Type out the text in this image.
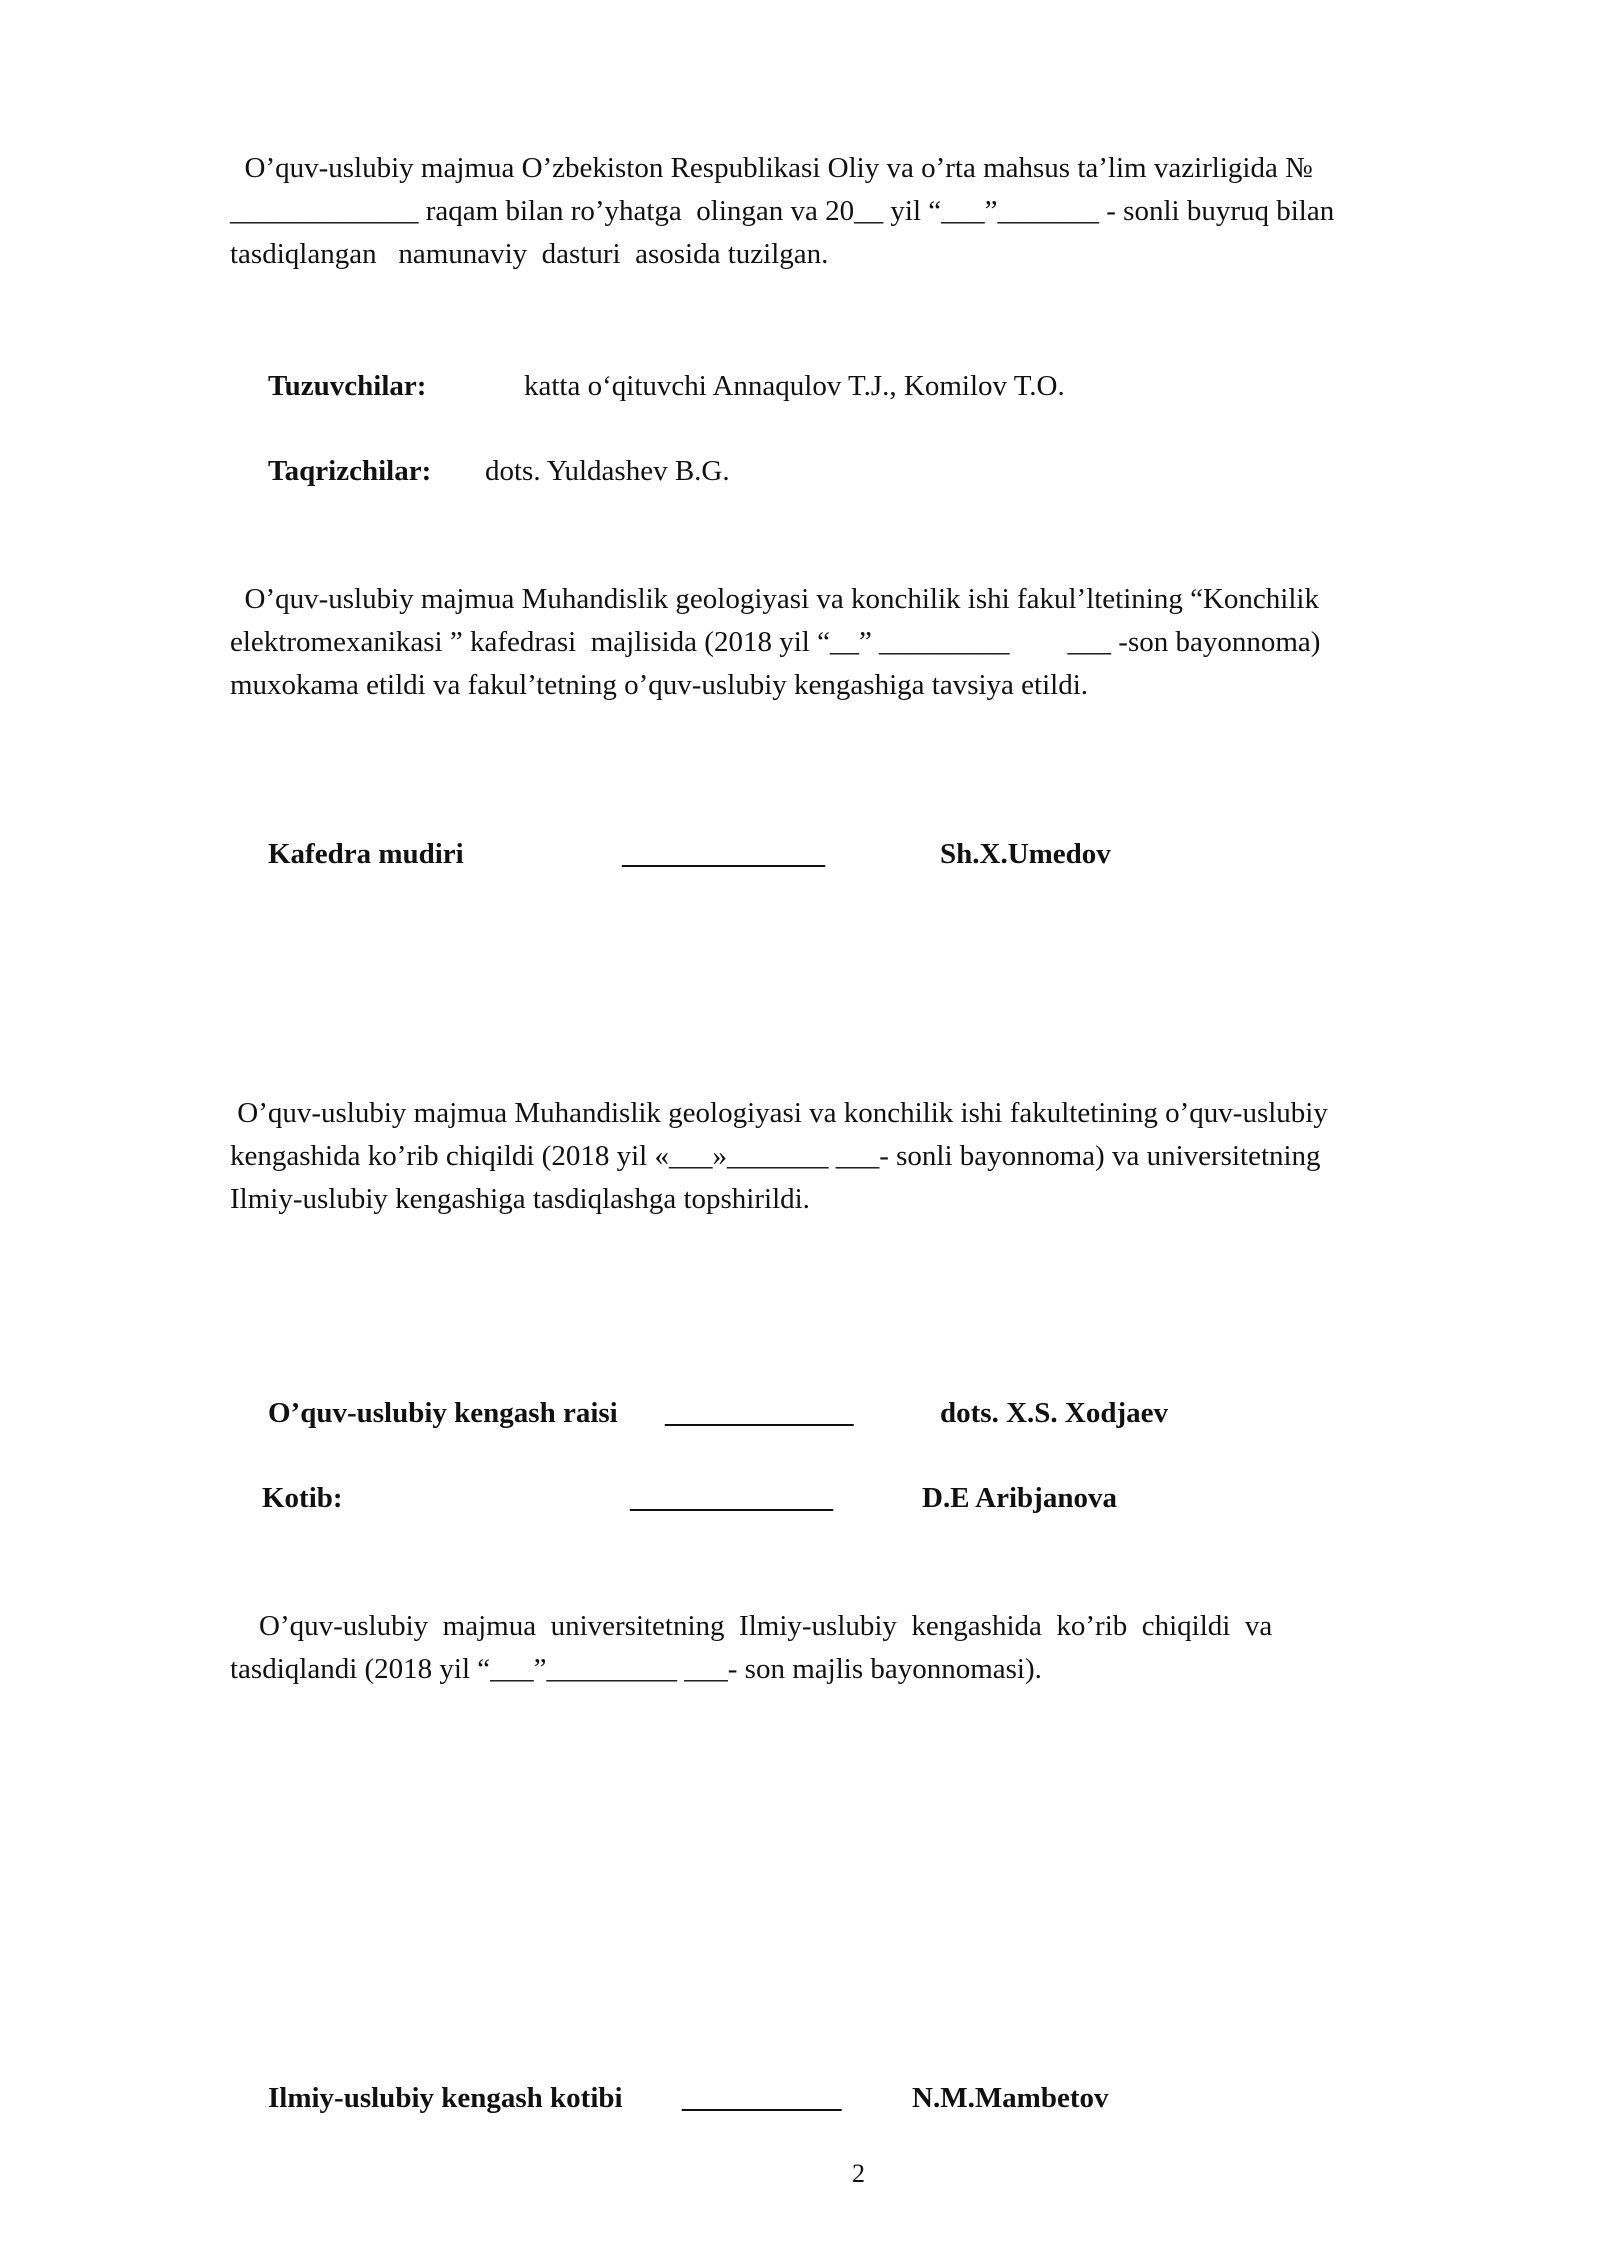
O’quv-uslubiy majmua O’zbekiston Respublikasi Oliy va o’rta mahsus ta’lim vazirligida №
_____________ raqam bilan ro’yhatga  olingan va 20__ yil “___”_______ - sonli buyruq bilan
tasdiqlangan   namunaviy  dasturi  asosida tuzilgan.
Tuzuvchilar:	katta o‘qituvchi Annaqulov T.J., Komilov T.O.
Taqrizchilar: dots. Yuldashev B.G.
O’quv-uslubiy majmua Muhandislik geologiyasi va konchilik ishi fakul’ltetining “Konchilik
elektromexanikasi ” kafedrasi  majlisida (2018 yil “__” _________        ___ -son bayonnoma)
muxokama etildi va fakul’tetning o’quv-uslubiy kengashiga tavsiya etildi.
Kafedra mudiri	______________	Sh.X.Umedov
O’quv-uslubiy majmua Muhandislik geologiyasi va konchilik ishi fakultetining o’quv-uslubiy
kengashida ko’rib chiqildi (2018 yil «___»_______ ___- sonli bayonnoma) va universitetning
Ilmiy-uslubiy kengashiga tasdiqlashga topshirildi.
O’quv-uslubiy kengash raisi _____________	dots. X.S. Xodjaev
Kotib:	______________	D.E Aribjanova
O’quv-uslubiy  majmua  universitetning  Ilmiy-uslubiy  kengashida  ko’rib  chiqildi  va
tasdiqlandi (2018 yil “___”_________ ___- son majlis bayonnomasi).
Ilmiy-uslubiy kengash kotibi ___________ N.M.Mambetov
2
